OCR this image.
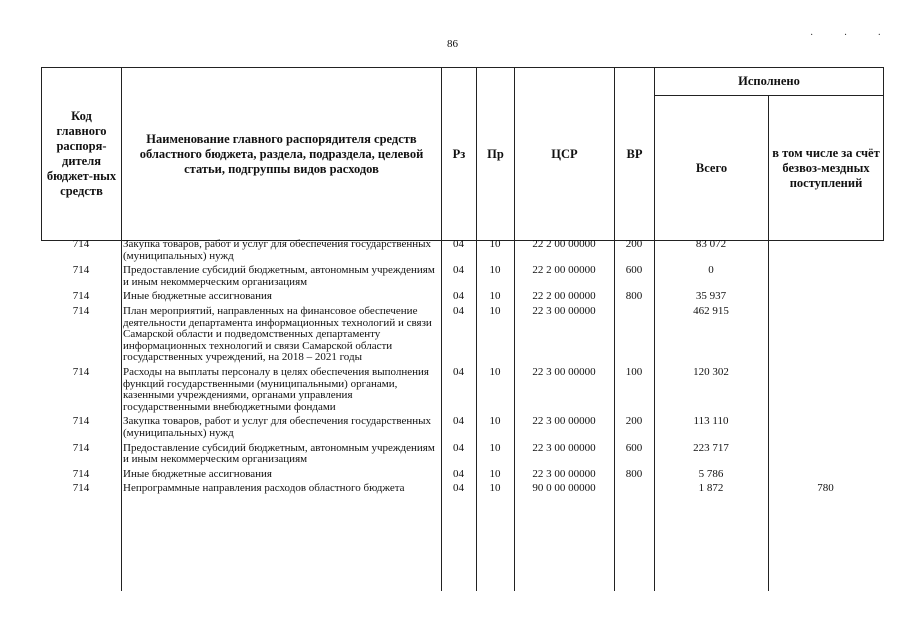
86
· · ·
Код главного распоря-дителя бюджет-ных средств	Наименование главного распорядителя средств областного бюджета, раздела, подраздела, целевой статьи, подгруппы видов расходов	Рз	Пр	ЦСР	ВР	Исполнено	
						Всего	в том числе за счёт безвоз-мездных поступлений
714	Закупка товаров, работ и услуг для обеспечения государственных (муниципальных) нужд	04	10	22 2 00 00000	200	83 072	
714	Предоставление субсидий бюджетным, автономным учреждениям и иным некоммерческим организациям	04	10	22 2 00 00000	600	0	
714	Иные бюджетные ассигнования	04	10	22 2 00 00000	800	35 937	
714	План мероприятий, направленных на финансовое обеспечение деятельности департамента информационных технологий и связи Самарской области и подведомственных департаменту информационных технологий и связи Самарской области государственных учреждений, на 2018 – 2021 годы	04	10	22 3 00 00000		462 915	
714	Расходы на выплаты персоналу в целях обеспечения выполнения функций государственными (муниципальными) органами, казенными учреждениями, органами управления государственными внебюджетными фондами	04	10	22 3 00 00000	100	120 302	
714	Закупка товаров, работ и услуг для обеспечения государственных (муниципальных) нужд	04	10	22 3 00 00000	200	113 110	
714	Предоставление субсидий бюджетным, автономным учреждениям и иным некоммерческим организациям	04	10	22 3 00 00000	600	223 717	
714	Иные бюджетные ассигнования	04	10	22 3 00 00000	800	5 786	
714	Непрограммные направления расходов областного бюджета	04	10	90 0 00 00000		1 872	780
